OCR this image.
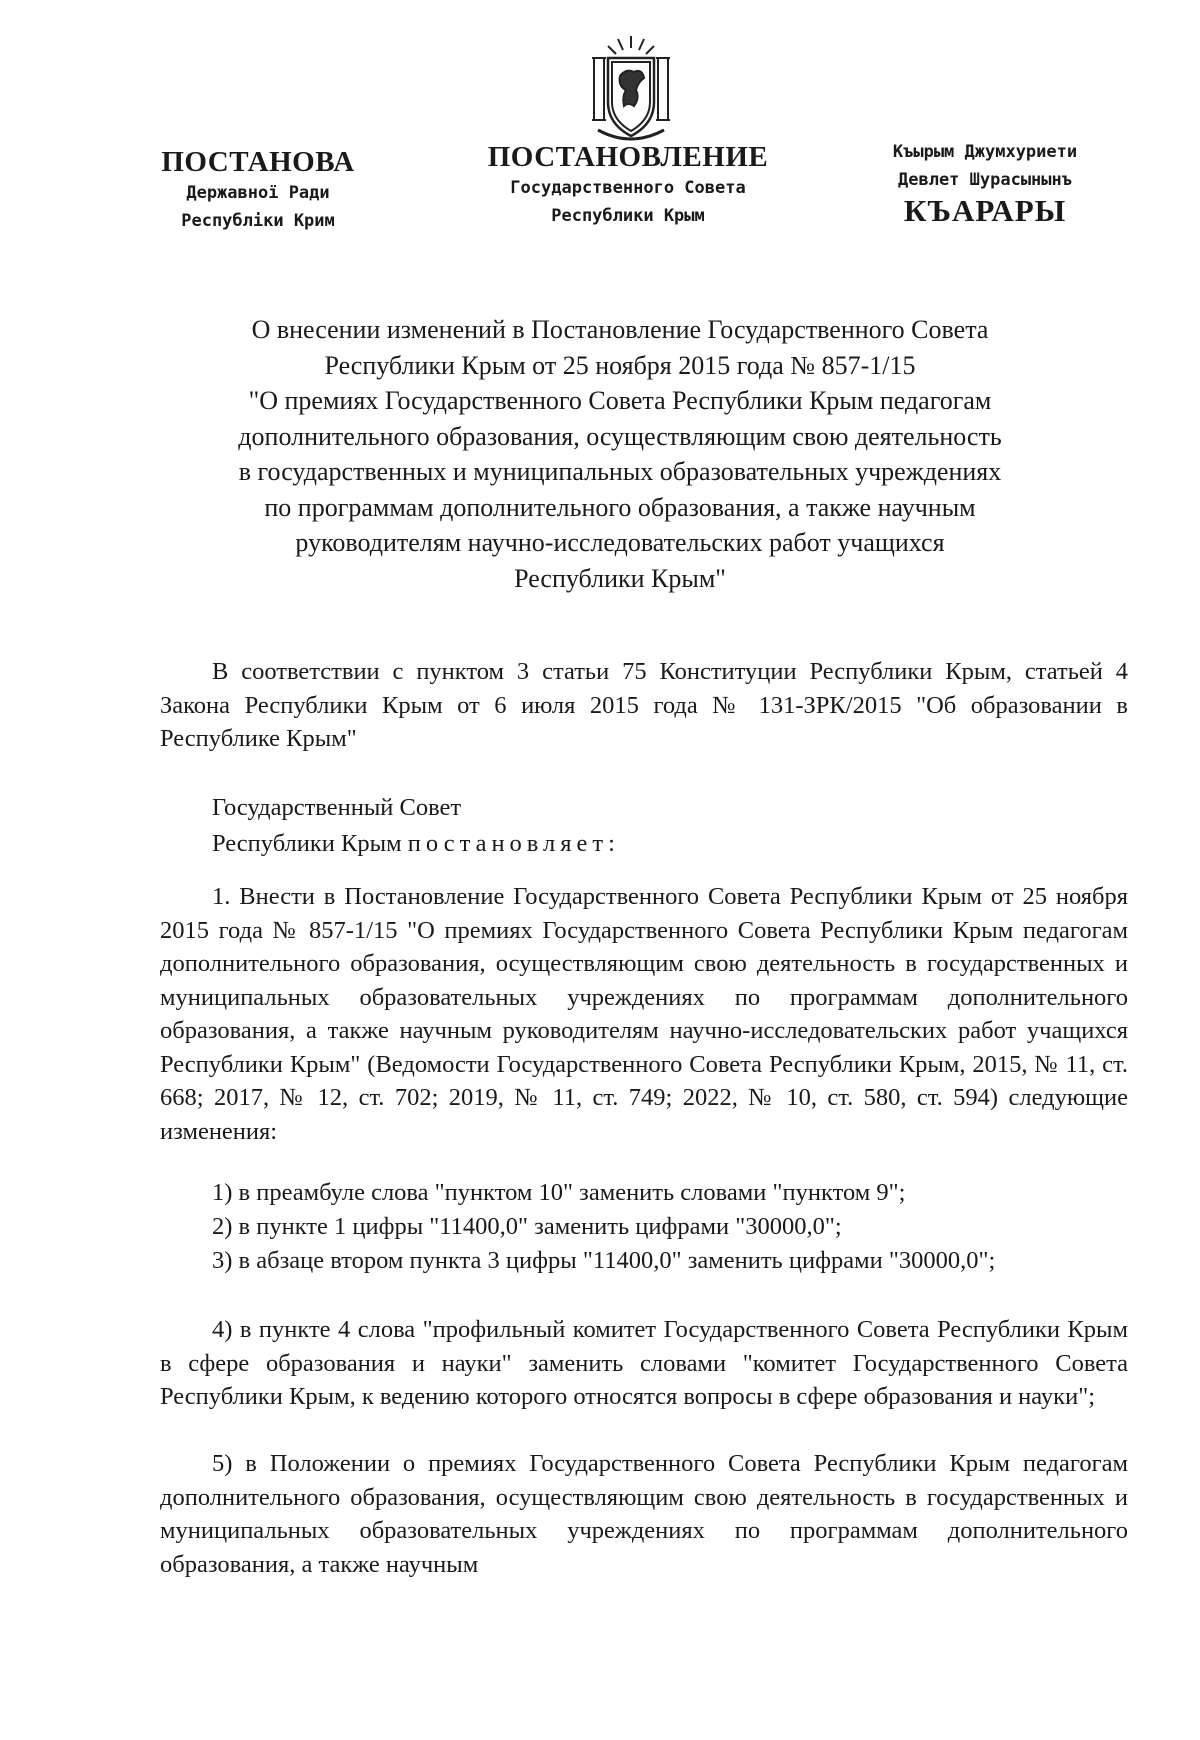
ПОСТАНОВА
Державної Ради
Республіки Крим
ПОСТАНОВЛЕНИЕ
Государственного Совета
Республики Крым
Къырым Джумхуриети
Девлет Шурасынынъ
КЪАРАРЫ
О внесении изменений в Постановление Государственного Совета
Республики Крым от 25 ноября 2015 года № 857-1/15
"О премиях Государственного Совета Республики Крым педагогам
дополнительного образования, осуществляющим свою деятельность
в государственных и муниципальных образовательных учреждениях
по программам дополнительного образования, а также научным
руководителям научно-исследовательских работ учащихся
Республики Крым"
В соответствии с пунктом 3 статьи 75 Конституции Республики Крым, статьей 4 Закона Республики Крым от 6 июля 2015 года № 131-ЗРК/2015 "Об образовании в Республике Крым"
Государственный Совет
Республики Крым постановляет:
1. Внести в Постановление Государственного Совета Республики Крым от 25 ноября 2015 года № 857-1/15 "О премиях Государственного Совета Республики Крым педагогам дополнительного образования, осуществляющим свою деятельность в государственных и муниципальных образовательных учреждениях по программам дополнительного образования, а также научным руководителям научно-исследовательских работ учащихся Республики Крым" (Ведомости Государственного Совета Республики Крым, 2015, № 11, ст. 668; 2017, № 12, ст. 702; 2019, № 11, ст. 749; 2022, № 10, ст. 580, ст. 594) следующие изменения:
1) в преамбуле слова "пунктом 10" заменить словами "пунктом 9";
2) в пункте 1 цифры "11400,0" заменить цифрами "30000,0";
3) в абзаце втором пункта 3 цифры "11400,0" заменить цифрами "30000,0";
4) в пункте 4 слова "профильный комитет Государственного Совета Республики Крым в сфере образования и науки" заменить словами "комитет Государственного Совета Республики Крым, к ведению которого относятся вопросы в сфере образования и науки";
5) в Положении о премиях Государственного Совета Республики Крым педагогам дополнительного образования, осуществляющим свою деятельность в государственных и муниципальных образовательных учреждениях по программам дополнительного образования, а также научным
